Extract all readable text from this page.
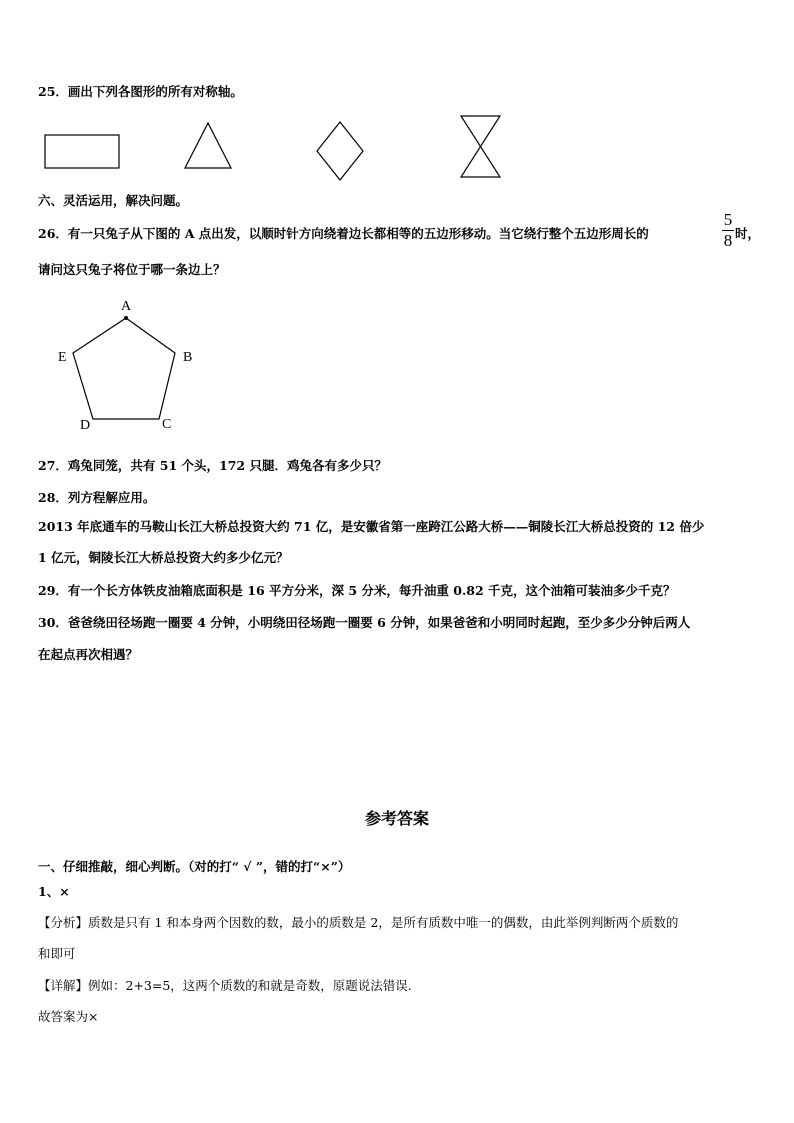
25．画出下列各图形的所有对称轴。
六、灵活运用，解决问题。
26．有一只兔子从下图的 A 点出发，以顺时针方向绕着边长都相等的五边形移动。当它绕行整个五边形周长的
5
8 时，
请问这只兔子将位于哪一条边上？
A
B
C
D
E
27．鸡兔同笼，共有 51 个头，172 只腿．鸡兔各有多少只？
28．列方程解应用。
2013 年底通车的马鞍山长江大桥总投资大约 71 亿，是安徽省第一座跨江公路大桥——铜陵长江大桥总投资的 12 倍少
1 亿元，铜陵长江大桥总投资大约多少亿元？
29．有一个长方体铁皮油箱底面积是 16 平方分米，深 5 分米，每升油重 0.82 千克，这个油箱可装油多少千克？
30．爸爸绕田径场跑一圈要 4 分钟，小明绕田径场跑一圈要 6 分钟，如果爸爸和小明同时起跑，至少多少分钟后两人
在起点再次相遇？
参考答案
一、仔细推敲，细心判断。（对的打“ √ ”，错的打“×”）
1、×
【分析】质数是只有 1 和本身两个因数的数，最小的质数是 2，是所有质数中唯一的偶数，由此举例判断两个质数的
和即可
【详解】例如：2+3=5，这两个质数的和就是奇数，原题说法错误.
故答案为×
